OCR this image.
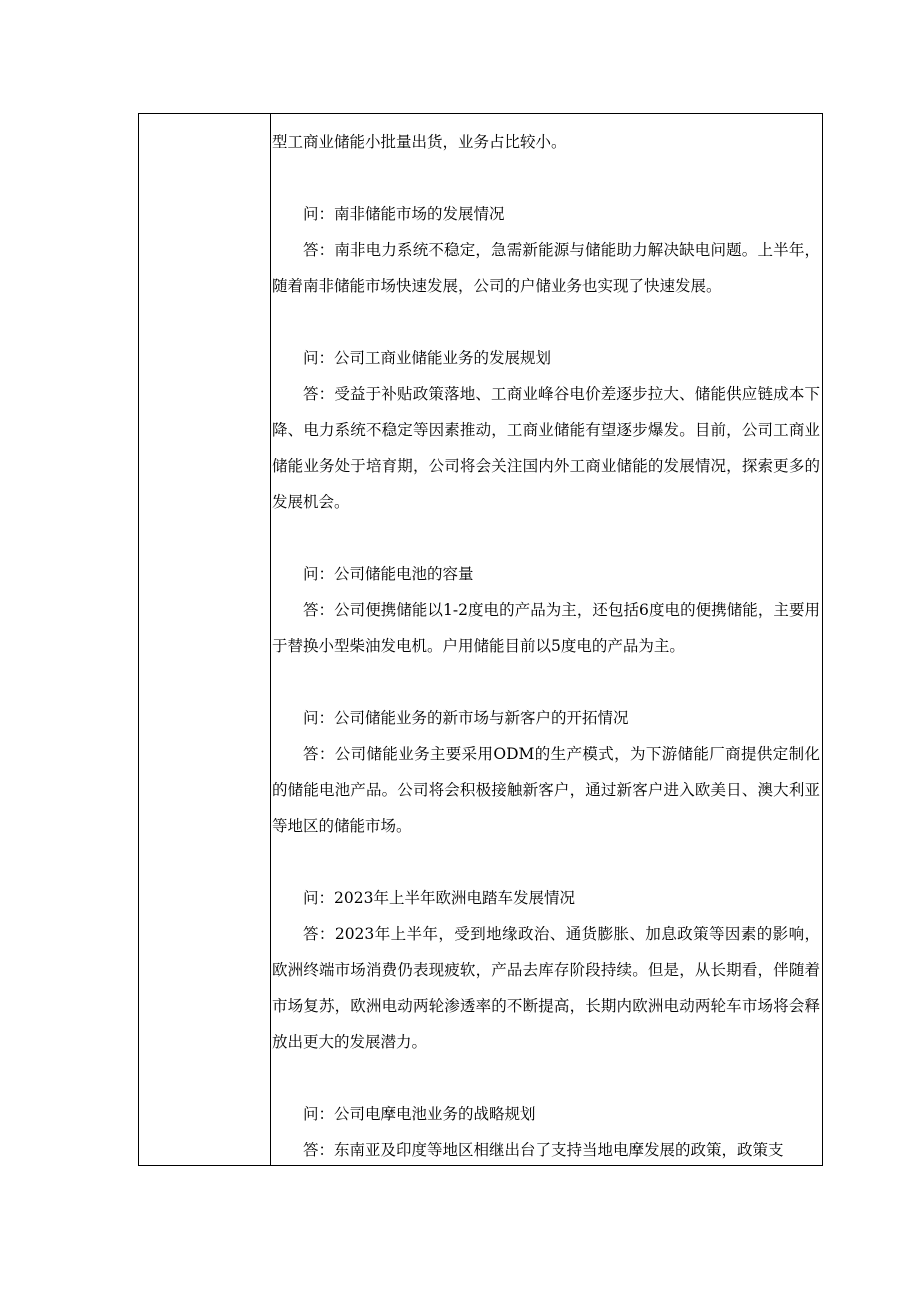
型工商业储能小批量出货，业务占比较小。

问：南非储能市场的发展情况

答：南非电力系统不稳定，急需新能源与储能助力解决缺电问题。上半年，随着南非储能市场快速发展，公司的户储业务也实现了快速发展。

问：公司工商业储能业务的发展规划

答：受益于补贴政策落地、工商业峰谷电价差逐步拉大、储能供应链成本下降、电力系统不稳定等因素推动，工商业储能有望逐步爆发。目前，公司工商业储能业务处于培育期，公司将会关注国内外工商业储能的发展情况，探索更多的发展机会。

问：公司储能电池的容量

答：公司便携储能以1-2度电的产品为主，还包括6度电的便携储能，主要用于替换小型柴油发电机。户用储能目前以5度电的产品为主。

问：公司储能业务的新市场与新客户的开拓情况

答：公司储能业务主要采用ODM的生产模式，为下游储能厂商提供定制化的储能电池产品。公司将会积极接触新客户，通过新客户进入欧美日、澳大利亚等地区的储能市场。

问：2023年上半年欧洲电踏车发展情况

答：2023年上半年，受到地缘政治、通货膨胀、加息政策等因素的影响，欧洲终端市场消费仍表现疲软，产品去库存阶段持续。但是，从长期看，伴随着市场复苏，欧洲电动两轮渗透率的不断提高，长期内欧洲电动两轮车市场将会释放出更大的发展潜力。

问：公司电摩电池业务的战略规划

答：东南亚及印度等地区相继出台了支持当地电摩发展的政策，政策支
